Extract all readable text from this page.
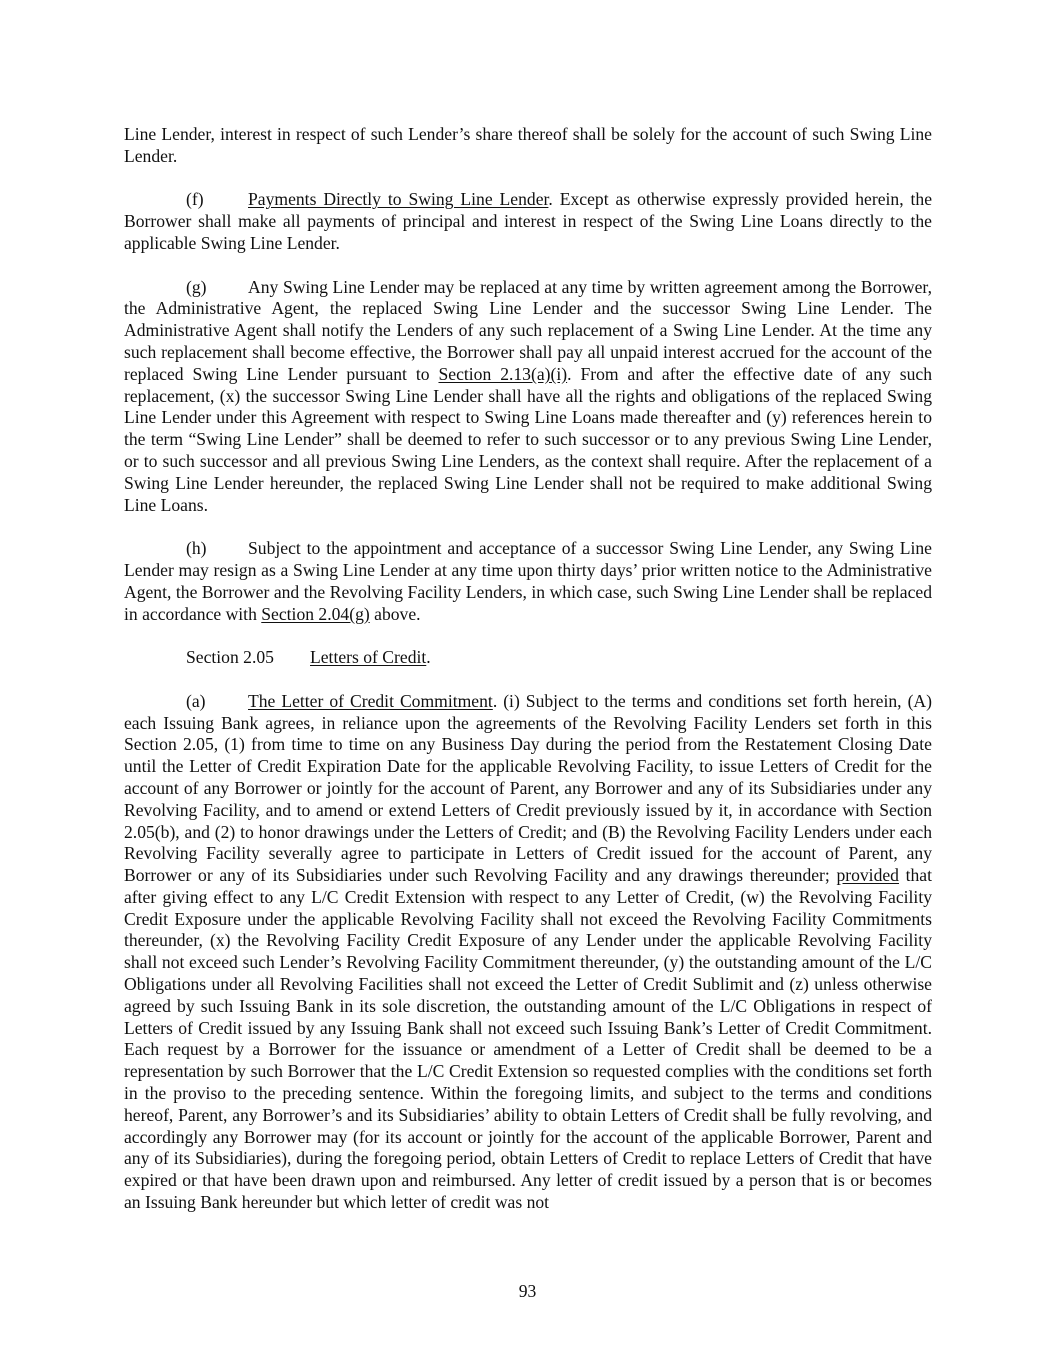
Line Lender, interest in respect of such Lender’s share thereof shall be solely for the account of such Swing Line Lender.

(f)	Payments Directly to Swing Line Lender. Except as otherwise expressly provided herein, the Borrower shall make all payments of principal and interest in respect of the Swing Line Loans directly to the applicable Swing Line Lender.

(g) Any Swing Line Lender may be replaced at any time by written agreement among the Borrower, the Administrative Agent, the replaced Swing Line Lender and the successor Swing Line Lender. The Administrative Agent shall notify the Lenders of any such replacement of a Swing Line Lender. At the time any such replacement shall become effective, the Borrower shall pay all unpaid interest accrued for the account of the replaced Swing Line Lender pursuant to Section 2.13(a)(i). From and after the effective date of any such replacement, (x) the successor Swing Line Lender shall have all the rights and obligations of the replaced Swing Line Lender under this Agreement with respect to Swing Line Loans made thereafter and (y) references herein to the term “Swing Line Lender” shall be deemed to refer to such successor or to any previous Swing Line Lender, or to such successor and all previous Swing Line Lenders, as the context shall require. After the replacement of a Swing Line Lender hereunder, the replaced Swing Line Lender shall not be required to make additional Swing Line Loans.

(h) Subject to the appointment and acceptance of a successor Swing Line Lender, any Swing Line Lender may resign as a Swing Line Lender at any time upon thirty days’ prior written notice to the Administrative Agent, the Borrower and the Revolving Facility Lenders, in which case, such Swing Line Lender shall be replaced in accordance with Section 2.04(g) above.

Section 2.05 Letters of Credit.

(a) The Letter of Credit Commitment. (i) Subject to the terms and conditions set forth herein, (A) each Issuing Bank agrees, in reliance upon the agreements of the Revolving Facility Lenders set forth in this Section 2.05, (1) from time to time on any Business Day during the period from the Restatement Closing Date until the Letter of Credit Expiration Date for the applicable Revolving Facility, to issue Letters of Credit for the account of any Borrower or jointly for the account of Parent, any Borrower and any of its Subsidiaries under any Revolving Facility, and to amend or extend Letters of Credit previously issued by it, in accordance with Section 2.05(b), and (2) to honor drawings under the Letters of Credit; and (B) the Revolving Facility Lenders under each Revolving Facility severally agree to participate in Letters of Credit issued for the account of Parent, any Borrower or any of its Subsidiaries under such Revolving Facility and any drawings thereunder; provided that after giving effect to any L/C Credit Extension with respect to any Letter of Credit, (w) the Revolving Facility Credit Exposure under the applicable Revolving Facility shall not exceed the Revolving Facility Commitments thereunder, (x) the Revolving Facility Credit Exposure of any Lender under the applicable Revolving Facility shall not exceed such Lender’s Revolving Facility Commitment thereunder, (y) the outstanding amount of the L/C Obligations under all Revolving Facilities shall not exceed the Letter of Credit Sublimit and (z) unless otherwise agreed by such Issuing Bank in its sole discretion, the outstanding amount of the L/C Obligations in respect of Letters of Credit issued by any Issuing Bank shall not exceed such Issuing Bank’s Letter of Credit Commitment. Each request by a Borrower for the issuance or amendment of a Letter of Credit shall be deemed to be a representation by such Borrower that the L/C Credit Extension so requested complies with the conditions set forth in the proviso to the preceding sentence. Within the foregoing limits, and subject to the terms and conditions hereof, Parent, any Borrower’s and its Subsidiaries’ ability to obtain Letters of Credit shall be fully revolving, and accordingly any Borrower may (for its account or jointly for the account of the applicable Borrower, Parent and any of its Subsidiaries), during the foregoing period, obtain Letters of Credit to replace Letters of Credit that have expired or that have been drawn upon and reimbursed. Any letter of credit issued by a person that is or becomes an Issuing Bank hereunder but which letter of credit was not

93
